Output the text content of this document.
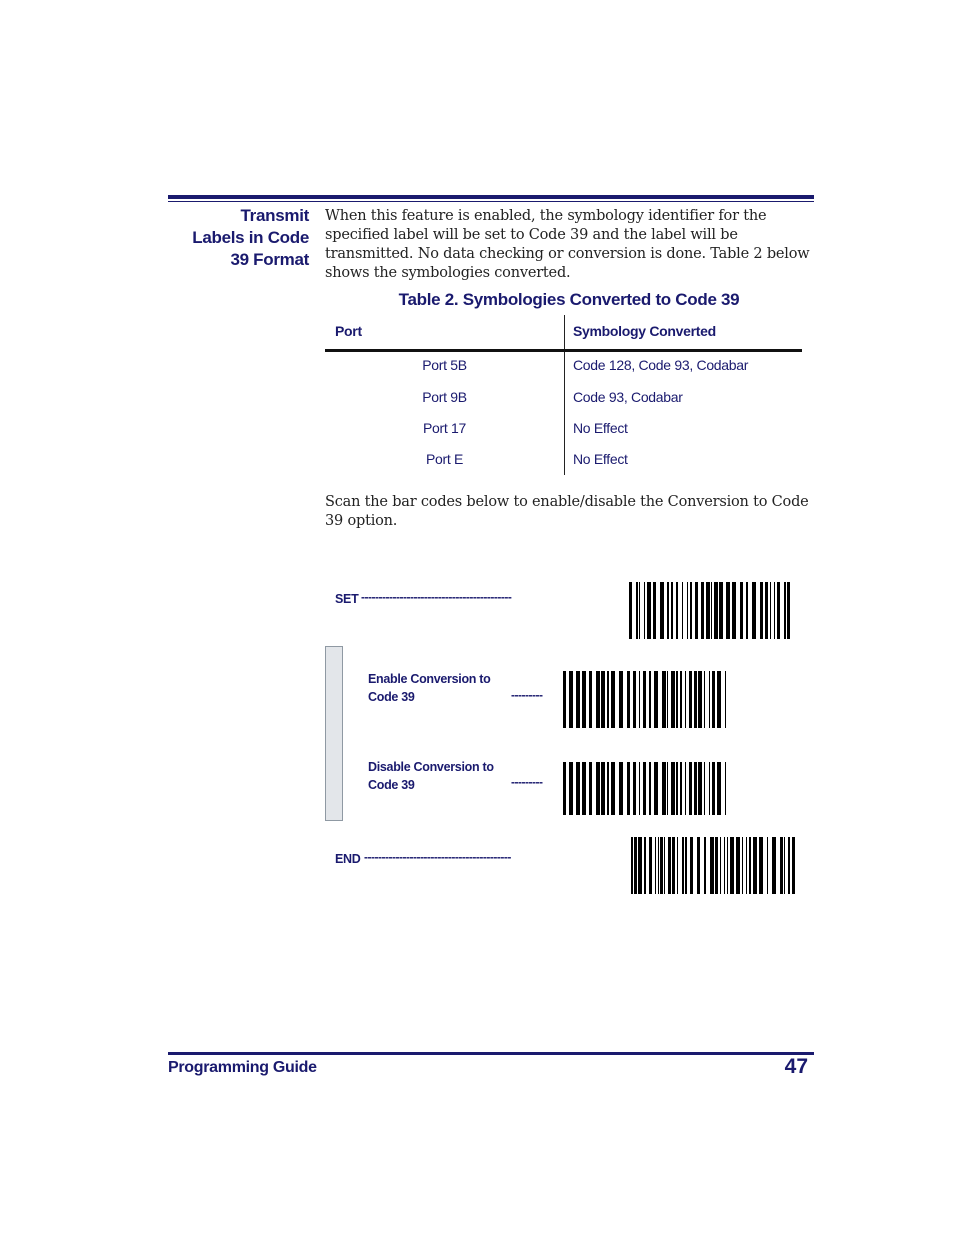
Transmit
Labels in Code
39 Format

When this feature is enabled, the symbology identifier for the specified label will be set to Code 39 and the label will be transmitted. No data checking or conversion is done. Table 2 below shows the symbologies converted.

Table 2. Symbologies Converted to Code 39
Port	Symbology Converted
Port 5B	Code 128, Code 93, Codabar
Port 9B	Code 93, Codabar
Port 17	No Effect
Port E	No Effect

Scan the bar codes below to enable/disable the Conversion to Code 39 option.

SET -------------------------------------------
Enable Conversion to
Code 39	---------
Disable Conversion to
Code 39	---------
END ------------------------------------------
Programming Guide	47
